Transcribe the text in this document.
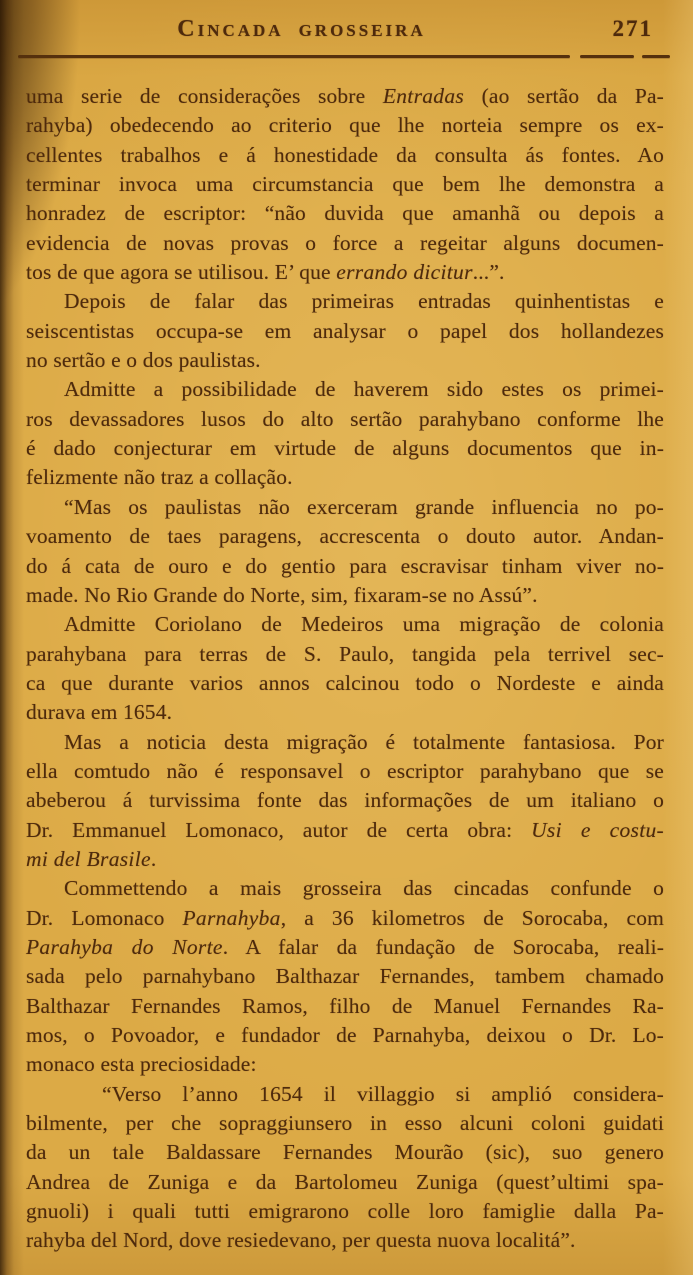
Cincada grosseira	271
uma serie de considerações sobre Entradas (ao sertão da Pa-
rahyba) obedecendo ao criterio que lhe norteia sempre os ex-
cellentes trabalhos e á honestidade da consulta ás fontes. Ao
terminar invoca uma circumstancia que bem lhe demonstra a
honradez de escriptor: “não duvida que amanhã ou depois a
evidencia de novas provas o force a regeitar alguns documen-
tos de que agora se utilisou. E’ que errando dicitur...”.
Depois de falar das primeiras entradas quinhentistas e
seiscentistas occupa-se em analysar o papel dos hollandezes
no sertão e o dos paulistas.
Admitte a possibilidade de haverem sido estes os primei-
ros devassadores lusos do alto sertão parahybano conforme lhe
é dado conjecturar em virtude de alguns documentos que in-
felizmente não traz a collação.
“Mas os paulistas não exerceram grande influencia no po-
voamento de taes paragens, accrescenta o douto autor. Andan-
do á cata de ouro e do gentio para escravisar tinham viver no-
made. No Rio Grande do Norte, sim, fixaram-se no Assú”.
Admitte Coriolano de Medeiros uma migração de colonia
parahybana para terras de S. Paulo, tangida pela terrivel sec-
ca que durante varios annos calcinou todo o Nordeste e ainda
durava em 1654.
Mas a noticia desta migração é totalmente fantasiosa. Por
ella comtudo não é responsavel o escriptor parahybano que se
abeberou á turvissima fonte das informações de um italiano o
Dr. Emmanuel Lomonaco, autor de certa obra: Usi e costu-
mi del Brasile.
Commettendo a mais grosseira das cincadas confunde o
Dr. Lomonaco Parnahyba, a 36 kilometros de Sorocaba, com
Parahyba do Norte. A falar da fundação de Sorocaba, reali-
sada pelo parnahybano Balthazar Fernandes, tambem chamado
Balthazar Fernandes Ramos, filho de Manuel Fernandes Ra-
mos, o Povoador, e fundador de Parnahyba, deixou o Dr. Lo-
monaco esta preciosidade:
“Verso l’anno 1654 il villaggio si amplió considera-
bilmente, per che sopraggiunsero in esso alcuni coloni guidati
da un tale Baldassare Fernandes Mourão (sic), suo genero
Andrea de Zuniga e da Bartolomeu Zuniga (quest’ultimi spa-
gnuoli) i quali tutti emigrarono colle loro famiglie dalla Pa-
rahyba del Nord, dove resiedevano, per questa nuova localitá”.
